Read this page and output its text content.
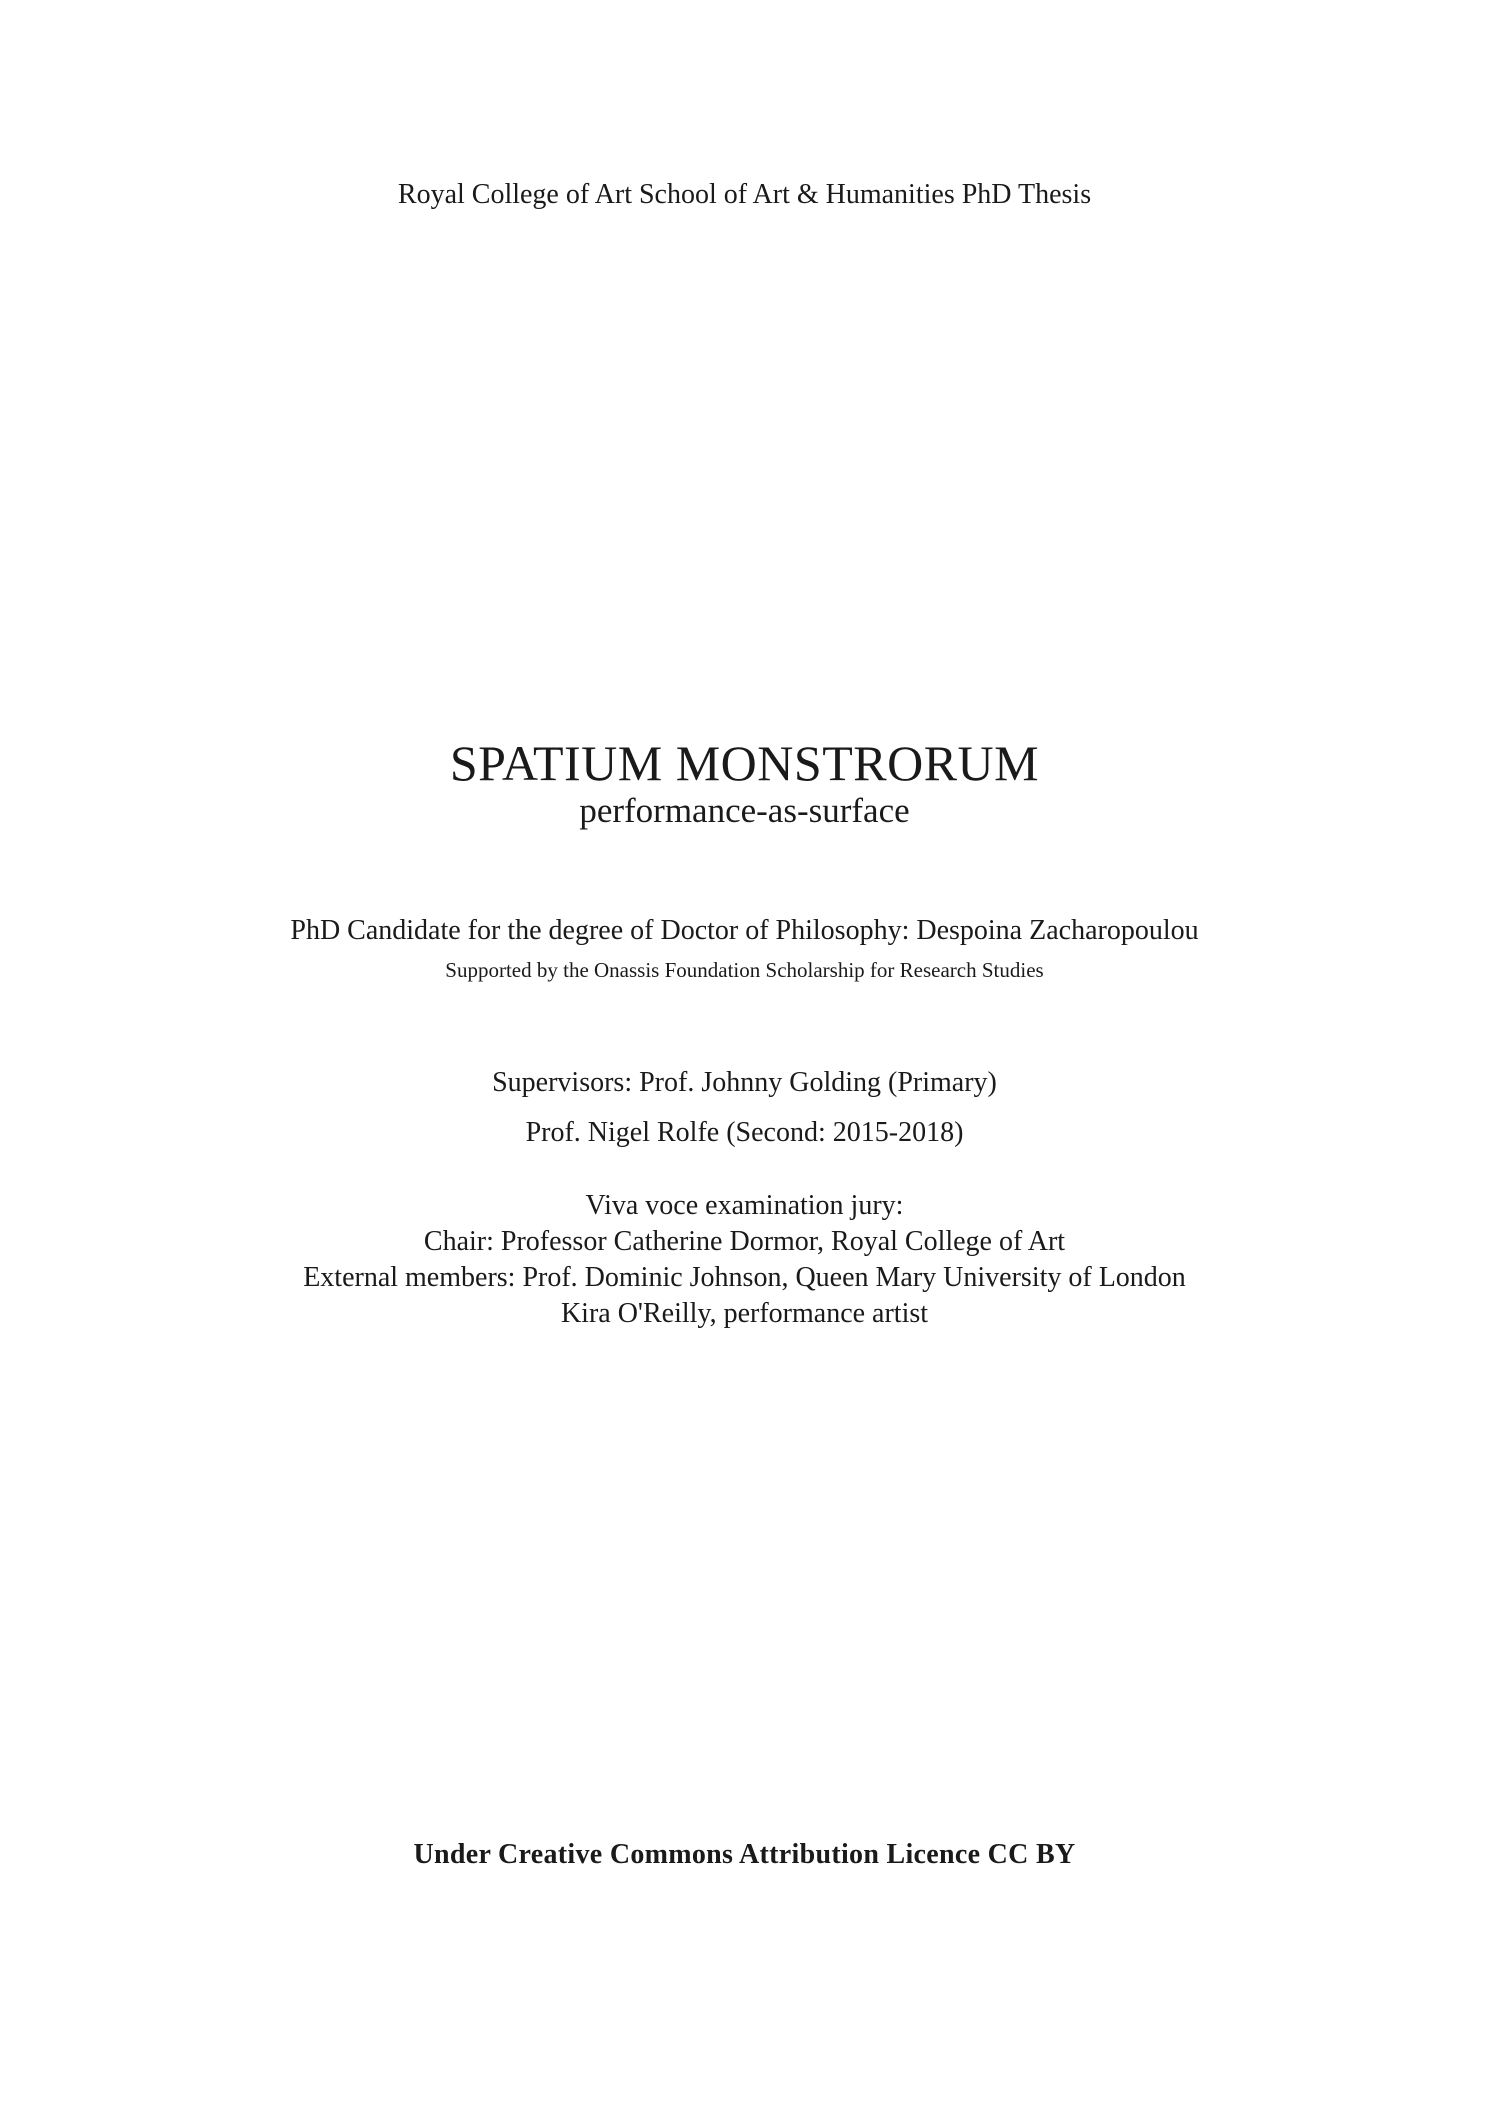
Royal College of Art School of Art & Humanities PhD Thesis
SPATIUM MONSTRORUM
performance-as-surface
PhD Candidate for the degree of Doctor of Philosophy: Despoina Zacharopoulou
Supported by the Onassis Foundation Scholarship for Research Studies
Supervisors: Prof. Johnny Golding (Primary)
Prof. Nigel Rolfe (Second: 2015-2018)
Viva voce examination jury:
Chair: Professor Catherine Dormor, Royal College of Art
External members: Prof. Dominic Johnson, Queen Mary University of London
Kira O'Reilly, performance artist
Under Creative Commons Attribution Licence CC BY
